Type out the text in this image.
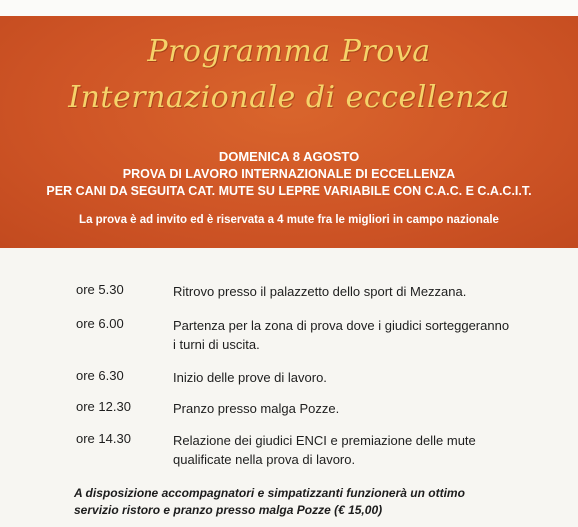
Programma Prova
Internazionale di eccellenza
DOMENICA 8 AGOSTO
PROVA DI LAVORO INTERNAZIONALE DI ECCELLENZA
PER CANI DA SEGUITA CAT. MUTE SU LEPRE VARIABILE CON C.A.C. E C.A.C.I.T.
La prova è ad invito ed è riservata a 4 mute fra le migliori in campo nazionale
ore 5.30	Ritrovo presso il palazzetto dello sport di Mezzana.
ore 6.00	Partenza per la zona di prova dove i giudici sorteggeranno i turni di uscita.
ore 6.30	Inizio delle prove di lavoro.
ore 12.30	Pranzo presso malga Pozze.
ore 14.30	Relazione dei giudici ENCI e premiazione delle mute qualificate nella prova di lavoro.
A disposizione accompagnatori e simpatizzanti funzionerà un ottimo
servizio ristoro e pranzo presso malga Pozze (€ 15,00)
